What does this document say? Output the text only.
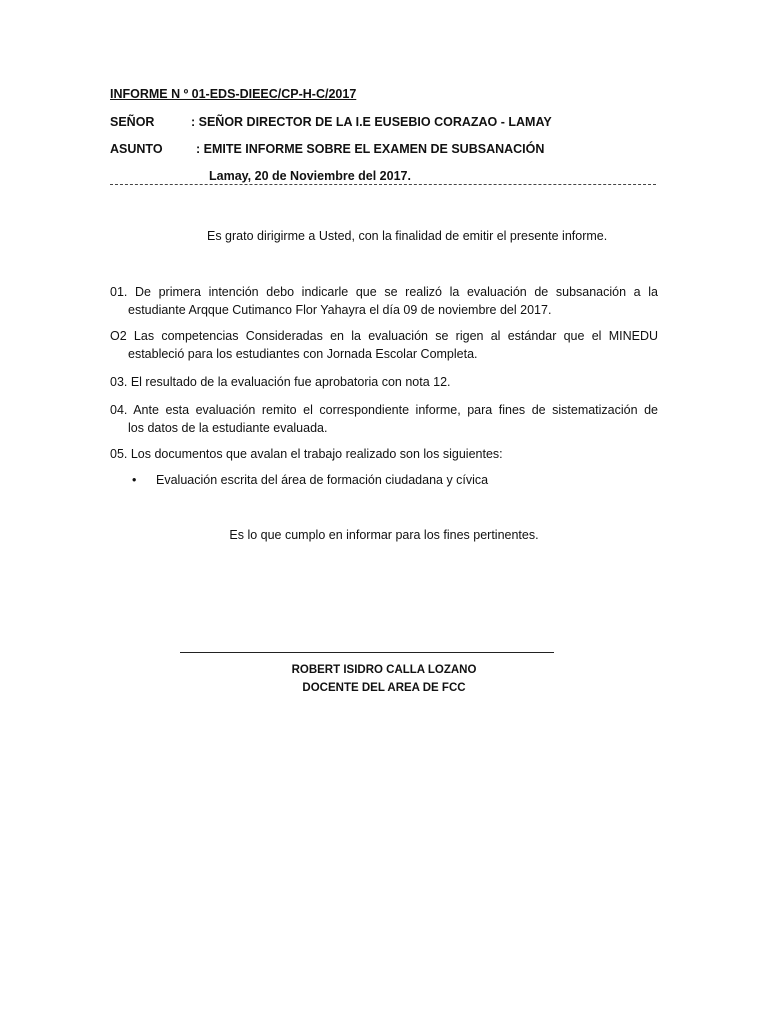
INFORME N º 01-EDS-DIEEC/CP-H-C/2017
SEÑOR	: SEÑOR DIRECTOR DE LA I.E EUSEBIO CORAZAO - LAMAY
ASUNTO	: EMITE INFORME SOBRE EL EXAMEN DE SUBSANACIÓN
Lamay, 20 de Noviembre del 2017.
Es grato dirigirme a Usted, con la finalidad de emitir el presente informe.
01. De primera intención debo indicarle que se realizó la evaluación de subsanación a la
estudiante Arqque Cutimanco Flor Yahayra el día 09 de noviembre del 2017.
O2 Las competencias Consideradas en la evaluación se rigen al estándar que el MINEDU
estableció para los estudiantes con Jornada Escolar Completa.
03. El resultado de la evaluación fue aprobatoria con nota 12.
04. Ante esta evaluación remito el correspondiente informe, para fines de sistematización de
los datos de la estudiante evaluada.
05. Los documentos que avalan el trabajo realizado son los siguientes:
• Evaluación escrita del área de formación ciudadana y cívica
Es lo que cumplo en informar para los fines pertinentes.
ROBERT ISIDRO CALLA LOZANO
DOCENTE DEL AREA DE FCC
